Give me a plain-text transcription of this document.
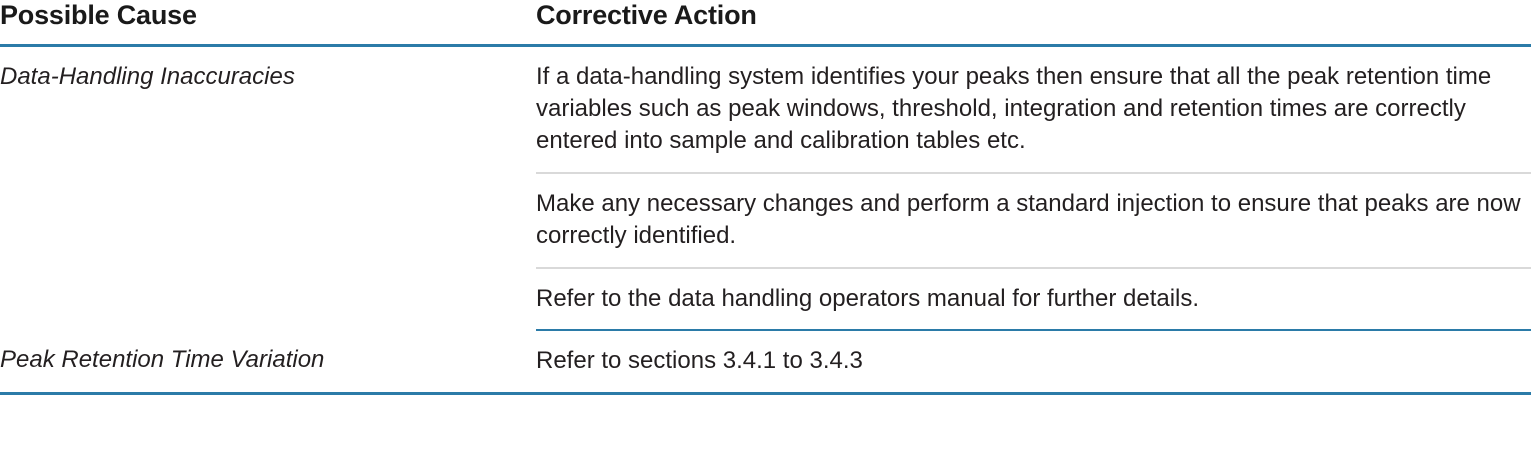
Possible Cause	Corrective Action
Data-Handling Inaccuracies	If a data-handling system identifies your peaks then ensure that all the peak retention time variables such as peak windows, threshold, integration and retention times are correctly entered into sample and calibration tables etc.

	Make any necessary changes and perform a standard injection to ensure that peaks are now correctly identified.

	Refer to the data handling operators manual for further details.

Peak Retention Time Variation	Refer to sections 3.4.1 to 3.4.3
